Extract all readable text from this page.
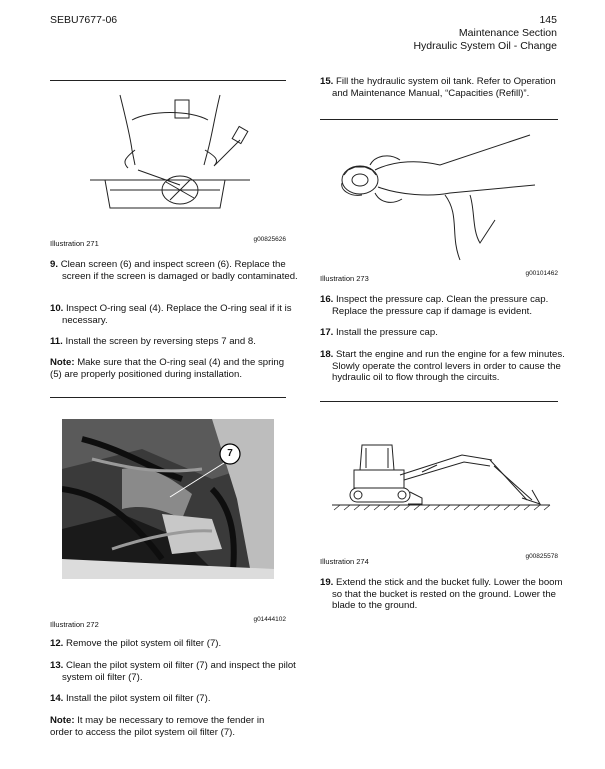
SEBU7677-06	145
Maintenance Section
Hydraulic System Oil - Change
Illustration 271	g00825626
9. Clean screen (6) and inspect screen (6). Replace the screen if the screen is damaged or badly contaminated.
10. Inspect O-ring seal (4). Replace the O-ring seal if it is necessary.
11. Install the screen by reversing steps 7 and 8.
Note: Make sure that the O-ring seal (4) and the spring (5) are properly positioned during installation.
7
Illustration 272
g01444102
12. Remove the pilot system oil filter (7).
13. Clean the pilot system oil filter (7) and inspect the pilot system oil filter (7).
14. Install the pilot system oil filter (7).
Note: It may be necessary to remove the fender in order to access the pilot system oil filter (7).
15. Fill the hydraulic system oil tank. Refer to Operation and Maintenance Manual, “Capacities (Refill)”.
Illustration 273
g00101462
16. Inspect the pressure cap. Clean the pressure cap. Replace the pressure cap if damage is evident.
17. Install the pressure cap.
18. Start the engine and run the engine for a few minutes. Slowly operate the control levers in order to cause the hydraulic oil to flow through the circuits.
Illustration 274
g00825578
19. Extend the stick and the bucket fully. Lower the boom so that the bucket is rested on the ground. Lower the blade to the ground.
